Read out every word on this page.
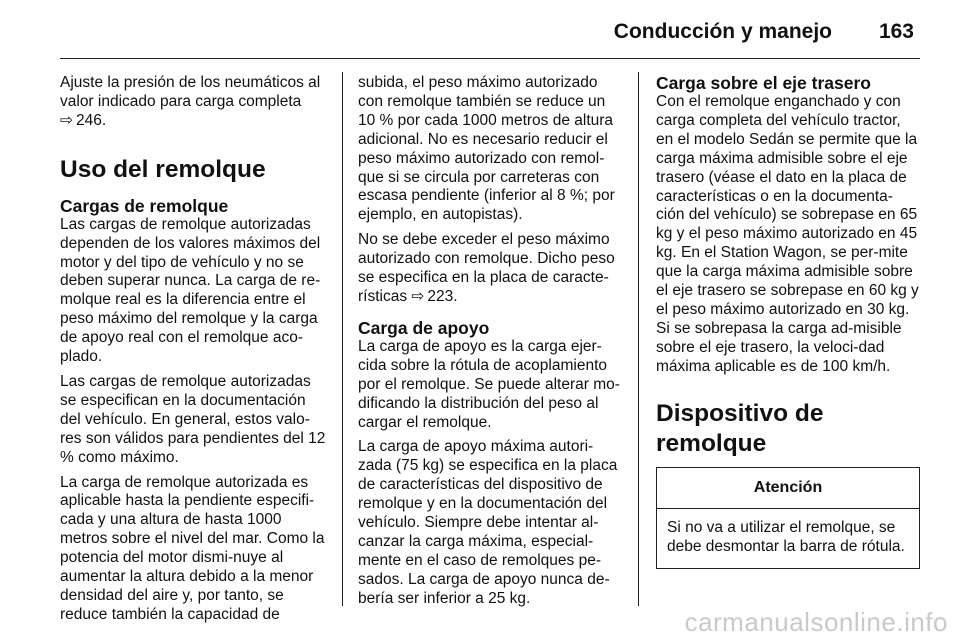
Conducción y manejo 163

Ajuste la presión de los neumáticos al valor indicado para carga completa
⇨ 246.

Uso del remolque
Cargas de remolque

Las cargas de remolque autorizadas dependen de los valores máximos del motor y del tipo de vehículo y no se deben superar nunca. La carga de re-molque real es la diferencia entre el peso máximo del remolque y la carga de apoyo real con el remolque aco-plado.

Las cargas de remolque autorizadas se especifican en la documentación del vehículo. En general, estos valo-res son válidos para pendientes del 12 % como máximo.

La carga de remolque autorizada es aplicable hasta la pendiente especifi-cada y una altura de hasta 1000 metros sobre el nivel del mar. Como la potencia del motor dismi-nuye al aumentar la altura debido a la menor densidad del aire y, por tanto, se reduce también la capacidad de

subida, el peso máximo autorizado con remolque también se reduce un 10 % por cada 1000 metros de altura adicional. No es necesario reducir el peso máximo autorizado con remol-que si se circula por carreteras con escasa pendiente (inferior al 8 %; por ejemplo, en autopistas).

No se debe exceder el peso máximo autorizado con remolque. Dicho peso se especifica en la placa de caracte-rísticas ⇨ 223.

Carga de apoyo

La carga de apoyo es la carga ejer-cida sobre la rótula de acoplamiento por el remolque. Se puede alterar mo-dificando la distribución del peso al cargar el remolque.

La carga de apoyo máxima autori-zada (75 kg) se especifica en la placa de características del dispositivo de remolque y en la documentación del vehículo. Siempre debe intentar al-canzar la carga máxima, especial-mente en el caso de remolques pe-sados. La carga de apoyo nunca de-bería ser inferior a 25 kg.

Carga sobre el eje trasero

Con el remolque enganchado y con carga completa del vehículo tractor, en el modelo Sedán se permite que la carga máxima admisible sobre el eje trasero (véase el dato en la placa de características o en la documenta-ción del vehículo) se sobrepase en 65 kg y el peso máximo autorizado en 45 kg. En el Station Wagon, se per-mite que la carga máxima admisible sobre el eje trasero se sobrepase en 60 kg y el peso máximo autorizado en 30 kg. Si se sobrepasa la carga ad-misible sobre el eje trasero, la veloci-dad máxima aplicable es de 100 km/h.

Dispositivo de remolque
Atención
Si no va a utilizar el remolque, se debe desmontar la barra de rótula.
carmanualsonline.info
